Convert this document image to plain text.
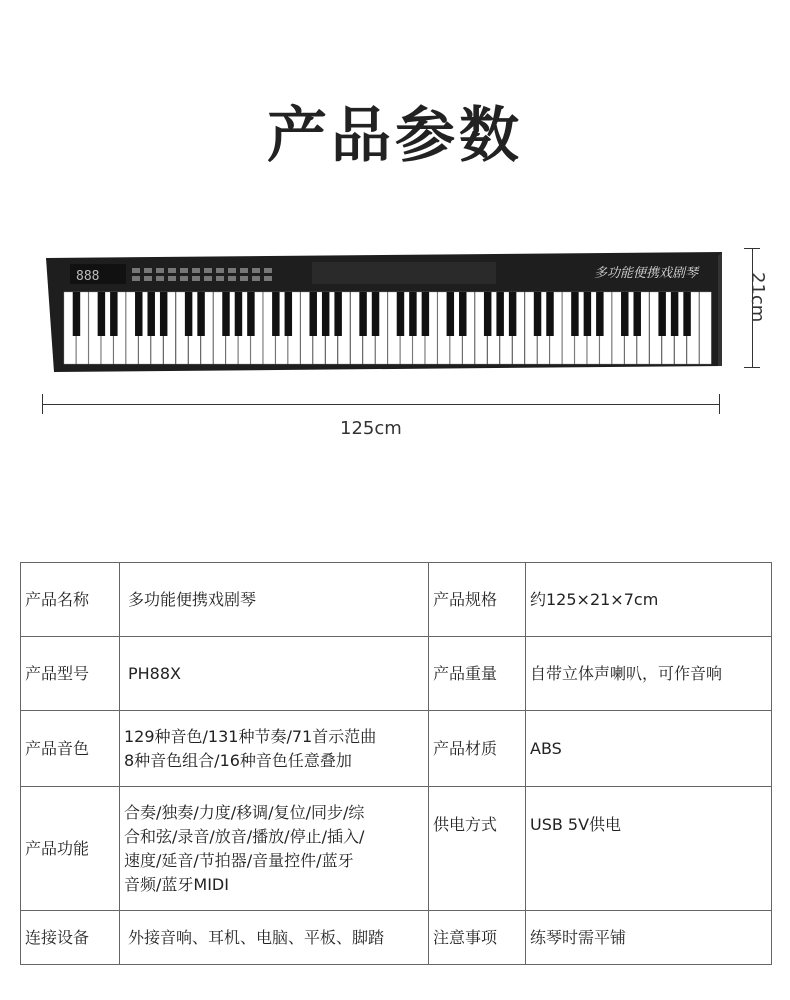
产品参数
888	多功能便携戏剧琴
125cm
21cm
产品名称	多功能便携戏剧琴	产品规格	约125×21×7cm
产品型号	PH88X	产品重量	自带立体声喇叭，可作音响
产品音色	129种音色/131种节奏/71首示范曲
8种音色组合/16种音色任意叠加	产品材质	ABS
产品功能	合奏/独奏/力度/移调/复位/同步/综
合和弦/录音/放音/播放/停止/插入/
速度/延音/节拍器/音量控件/蓝牙
音频/蓝牙MIDI	供电方式	USB 5V供电
连接设备	外接音响、耳机、电脑、平板、脚踏	注意事项	练琴时需平铺
